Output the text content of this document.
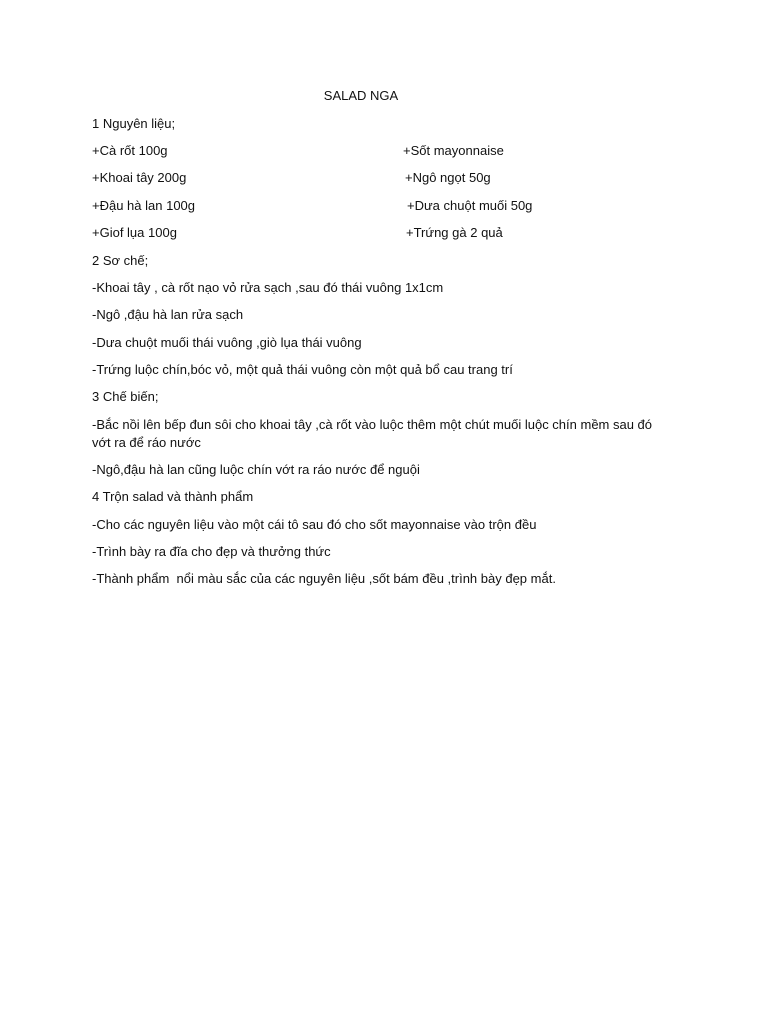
SALAD NGA
1 Nguyên liệu;
+Cà rốt 100g	+Sốt mayonnaise
+Khoai tây 200g	+Ngô ngọt 50g
+Đậu hà lan 100g	+Dưa chuột muối 50g
+Giof lụa 100g	+Trứng gà 2 quả
2 Sơ chế;
-Khoai tây , cà rốt nạo vỏ rửa sạch ,sau đó thái vuông 1x1cm
-Ngô ,đậu hà lan rửa sạch
-Dưa chuột muối thái vuông ,giò lụa thái vuông
-Trứng luộc chín,bóc vỏ, một quả thái vuông còn một quả bổ cau trang trí
3 Chế biến;
-Bắc nồi lên bếp đun sôi cho khoai tây ,cà rốt vào luộc thêm một chút muối luộc chín mềm sau đó vớt ra để ráo nước
-Ngô,đậu hà lan cũng luộc chín vớt ra ráo nước để nguội
4 Trộn salad và thành phẩm
-Cho các nguyên liệu vào một cái tô sau đó cho sốt mayonnaise vào trộn đều
-Trình bày ra đĩa cho đẹp và thưởng thức
-Thành phẩm  nổi màu sắc của các nguyên liệu ,sốt bám đều ,trình bày đẹp mắt.
